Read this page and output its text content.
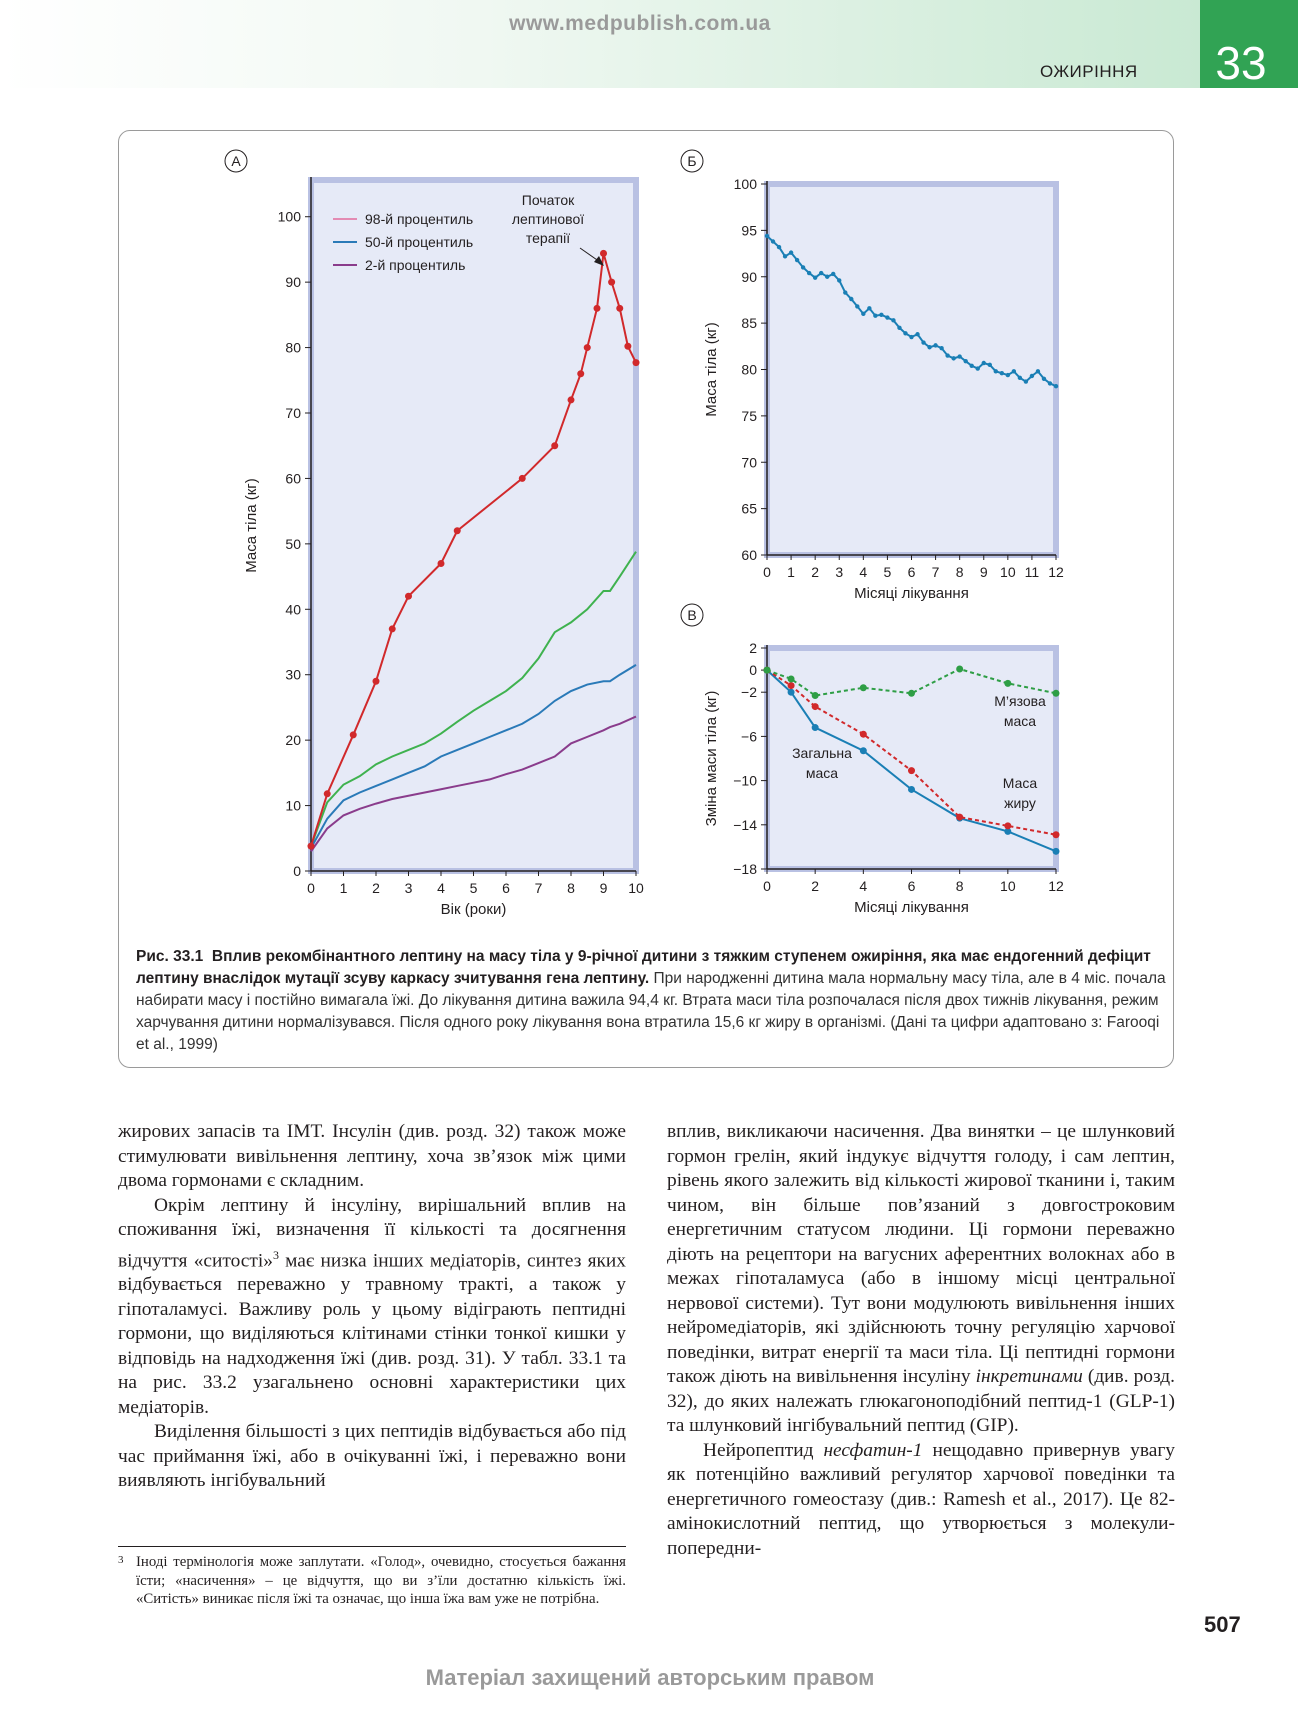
www.medpublish.com.ua
ОЖИРІННЯ	33
A
0 1 2 3 4 5 6 7 8 9 10
0
10
20
30
40
50
60
70
80
90
100
Вік (роки)
Маса тіла (кг)
98-й процентиль
50-й процентиль
2-й процентиль
Початок
лептинової
терапії
Б
0 1 2 3 4 5 6 7 8 9 10 11 12
60
65
70
75
80
85
90
95
100
Місяці лікування
Маса тіла (кг)
В
0	2	4	6	8	10 12
2
0
−2
−6
−10
−14
−18
Місяці лікування
Зміна маси тіла (кг)	Загальна
маса
Маса
жиру
М’язова
маса
Рис. 33.1 Вплив рекомбінантного лептину на масу тіла у 9-річної дитини з тяжким ступенем ожиріння, яка має ендогенний дефіцит лептину внаслідок мутації зсуву каркасу зчитування гена лептину. При народженні дитина мала нормальну масу тіла, але в 4 міс. почала набирати масу і постійно вимагала їжі. До лікування дитина важила 94,4 кг. Втрата маси тіла розпочалася після двох тижнів лікування, режим харчування дитини нормалізувався. Після одного року лікування вона втратила 15,6 кг жиру в організмі. (Дані та цифри адаптовано з: Farooqi et al., 1999)

жирових запасів та ІМТ. Інсулін (див. розд. 32) також може стимулювати вивільнення лептину, хоча зв’язок між цими двома гормонами є складним.

Окрім лептину й інсуліну, вирішальний вплив на споживання їжі, визначення її кількості та досягнення відчуття «ситості»$^3$ має низка інших медіаторів, синтез яких відбувається переважно у травному тракті, а також у гіпоталамусі. Важливу роль у цьому відіграють пептидні гормони, що виділяються клітинами стінки тонкої кишки у відповідь на надходження їжі (див. розд. 31). У табл. 33.1 та на рис. 33.2 узагальнено основні характеристики цих медіаторів.

Виділення більшості з цих пептидів відбувається або під час приймання їжі, або в очікуванні їжі, і переважно вони виявляють інгібувальний

вплив, викликаючи насичення. Два винятки – це шлунковий гормон грелін, який індукує відчуття голоду, і сам лептин, рівень якого залежить від кількості жирової тканини і, таким чином, він більше пов’язаний з довгостроковим енергетичним статусом людини. Ці гормони переважно діють на рецептори на вагусних аферентних волокнах або в межах гіпоталамуса (або в іншому місці центральної нервової системи). Тут вони модулюють вивільнення інших нейромедіаторів, які здійснюють точну регуляцію харчової поведінки, витрат енергії та маси тіла. Ці пептидні гормони також діють на вивільнення інсуліну інкретинами (див. розд. 32), до яких належать глюкагоноподібний пептид-1 (GLP-1) та шлунковий інгібувальний пептид (GIP).

Нейропептид несфатин-1 нещодавно привернув увагу як потенційно важливий регулятор харчової поведінки та енергетичного гомеостазу (див.: Ramesh et al., 2017). Це 82-амінокислотний пептид, що утворюється з молекули-попередни-

3 Іноді термінологія може заплутати. «Голод», очевидно, стосується бажання їсти; «насичення» – це відчуття, що ви з’їли достатню кількість їжі. «Ситість» виникає після їжі та означає, що інша їжа вам уже не потрібна.
507
Матеріал захищений авторським правом
